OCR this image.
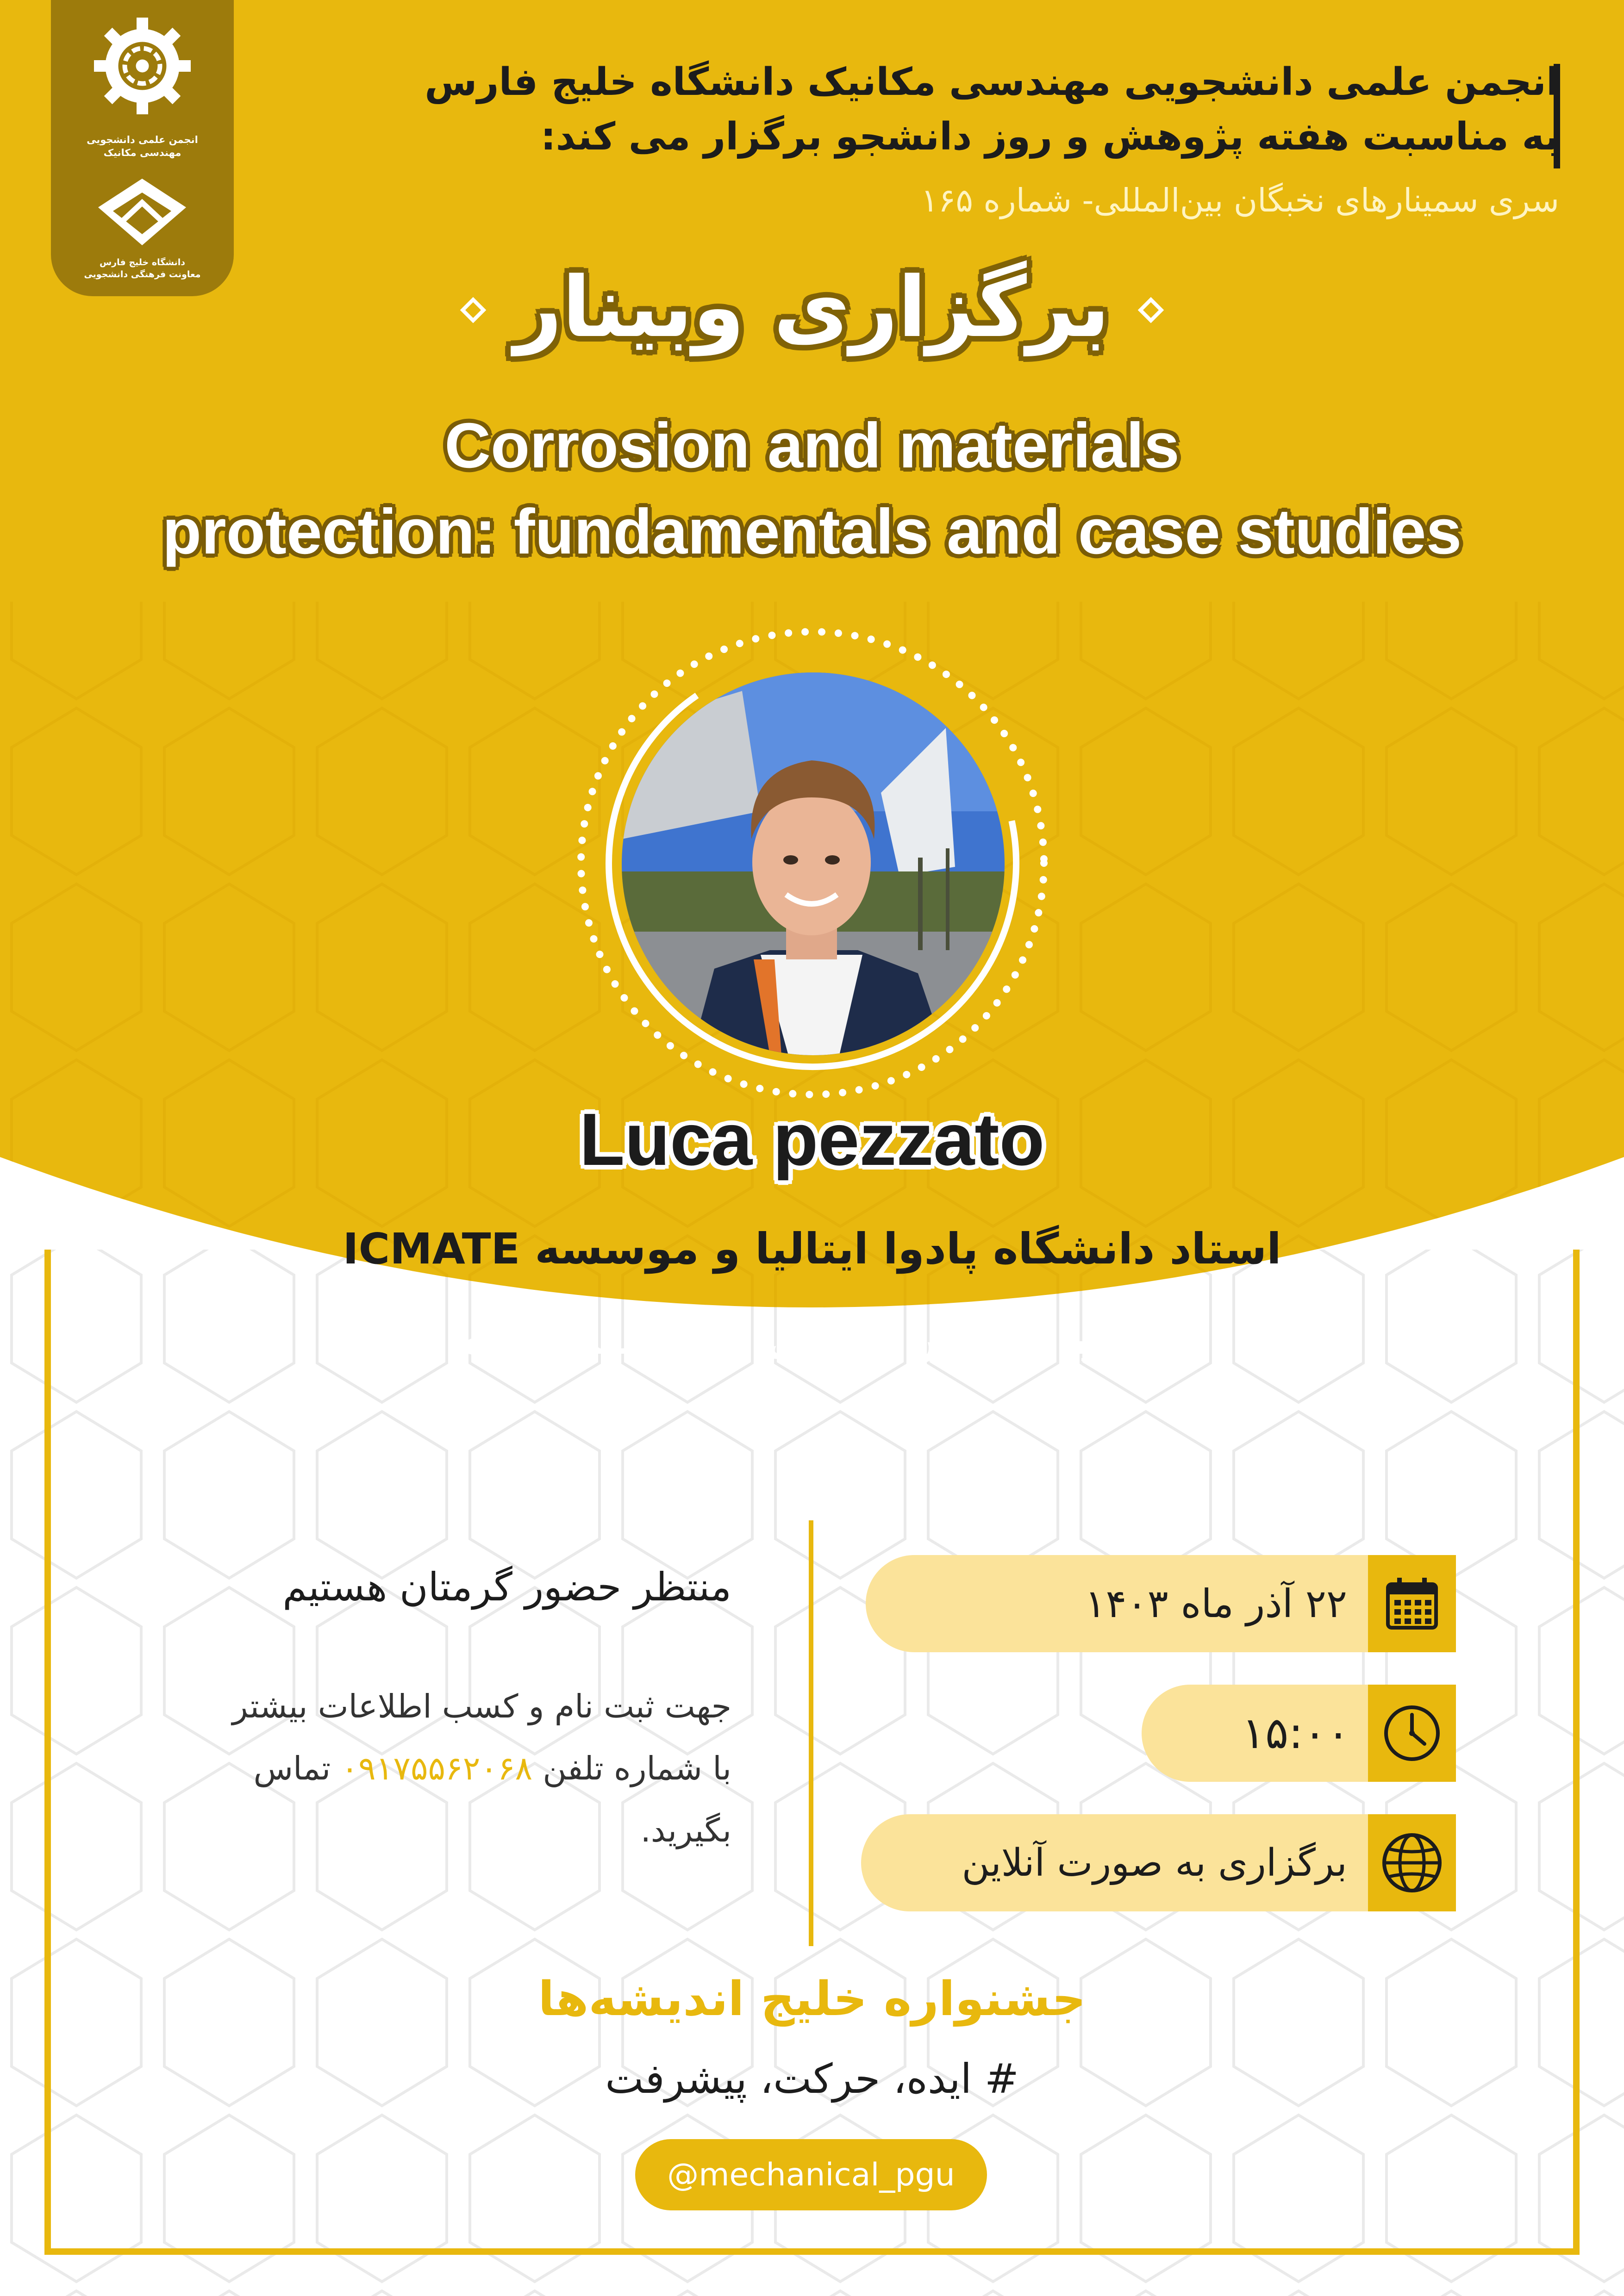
انجمن علمی دانشجویی
مهندسی مکانیک
دانشگاه خلیج فارس
معاونت فرهنگی دانشجویی
انجمن علمی دانشجویی مهندسی مکانیک دانشگاه خلیج فارس
به مناسبت هفته پژوهش و روز دانشجو برگزار می کند:
سری سمینارهای نخبگان بین‌المللی- شماره ۱۶۵
برگزاری وبینار
Corrosion and materials
protection: fundamentals and case studies
Luca pezzato
استاد دانشگاه پادوا ایتالیا و موسسه ICMATE
میزبان:دکتر مجتبی اسماعیل زاده
۲۲ آذر ماه ۱۴۰۳
۱۵:۰۰
برگزاری به صورت آنلاین
منتظر حضور گرمتان هستیم
جهت ثبت نام و کسب اطلاعات بیشتر
با شماره تلفن ۰۹۱۷۵۵۶۲۰۶۸ تماس
بگیرید.
جشنواره خلیج اندیشه‌ها
# ایده، حرکت، پیشرفت
@mechanical_pgu
